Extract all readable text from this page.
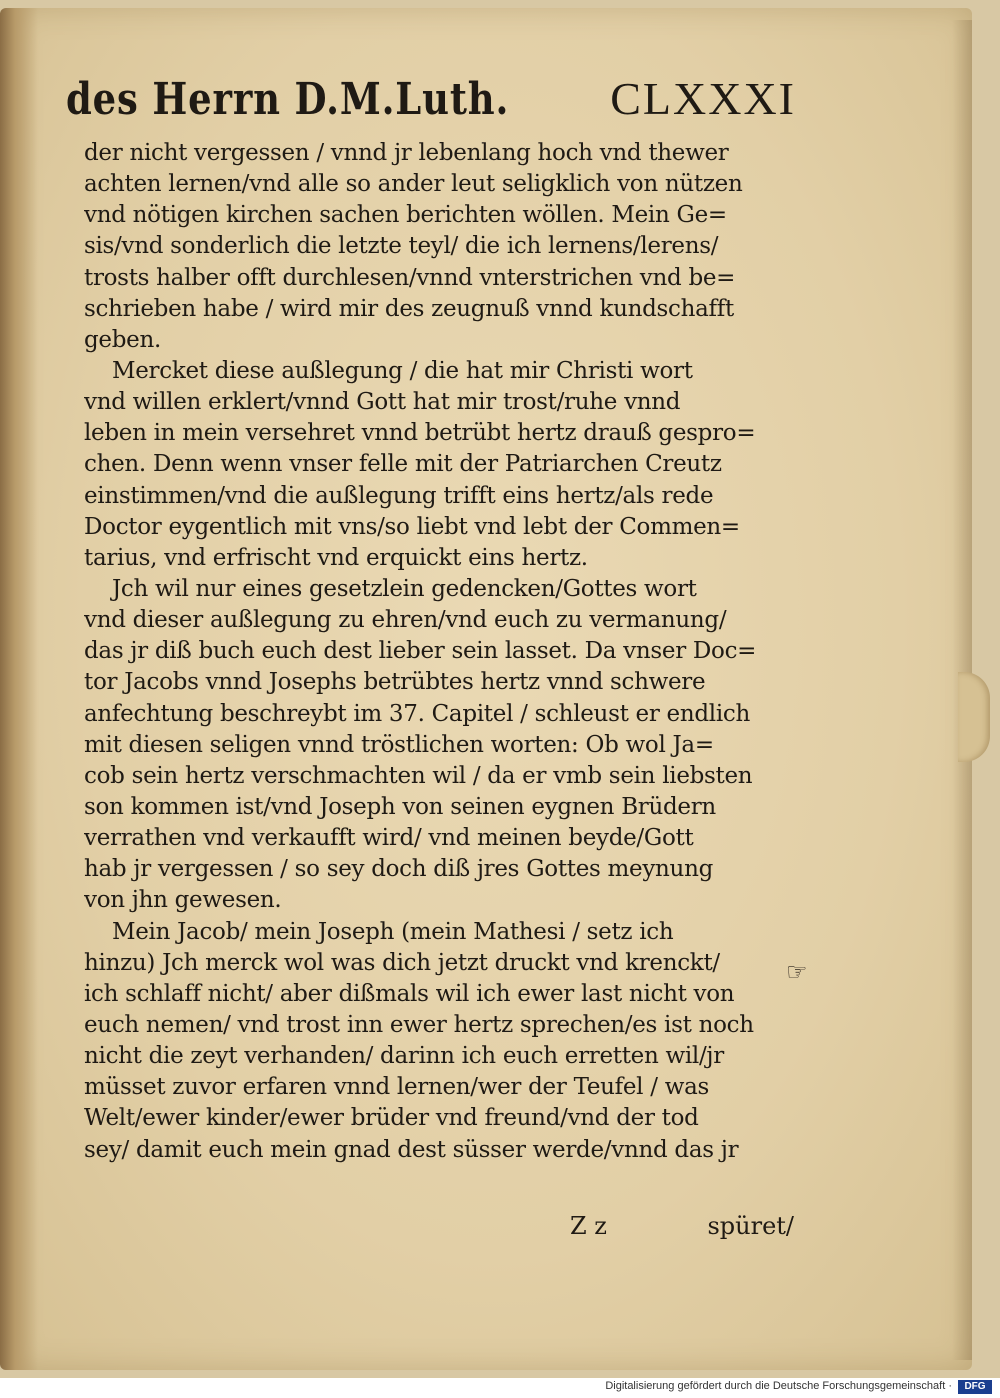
des Herrn D.M.Luth. CLXXXI
der nicht vergessen / vnnd jr lebenlang hoch vnd thewer
achten lernen/vnd alle so ander leut seligklich von nützen
vnd nötigen kirchen sachen berichten wöllen. Mein Ge=
sis/vnd sonderlich die letzte teyl/ die ich lernens/lerens/
trosts halber offt durchlesen/vnnd vnterstrichen vnd be=
schrieben habe / wird mir des zeugnuß vnnd kundschafft
geben.
Mercket diese außlegung / die hat mir Christi wort
vnd willen erklert/vnnd Gott hat mir trost/ruhe vnnd
leben in mein versehret vnnd betrübt hertz drauß gespro=
chen. Denn wenn vnser felle mit der Patriarchen Creutz
einstimmen/vnd die außlegung trifft eins hertz/als rede
Doctor eygentlich mit vns/so liebt vnd lebt der Commen=
tarius, vnd erfrischt vnd erquickt eins hertz.
Jch wil nur eines gesetzlein gedencken/Gottes wort
vnd dieser außlegung zu ehren/vnd euch zu vermanung/
das jr diß buch euch dest lieber sein lasset. Da vnser Doc=
tor Jacobs vnnd Josephs betrübtes hertz vnnd schwere
anfechtung beschreybt im 37. Capitel / schleust er endlich
mit diesen seligen vnnd tröstlichen worten: Ob wol Ja=
cob sein hertz verschmachten wil / da er vmb sein liebsten
son kommen ist/vnd Joseph von seinen eygnen Brüdern
verrathen vnd verkaufft wird/ vnd meinen beyde/Gott
hab jr vergessen / so sey doch diß jres Gottes meynung
von jhn gewesen.
Mein Jacob/ mein Joseph (mein Mathesi / setz ich
hinzu) Jch merck wol was dich jetzt druckt vnd krenckt/
ich schlaff nicht/ aber dißmals wil ich ewer last nicht von
euch nemen/ vnd trost inn ewer hertz sprechen/es ist noch
nicht die zeyt verhanden/ darinn ich euch erretten wil/jr
müsset zuvor erfaren vnnd lernen/wer der Teufel / was
Welt/ewer kinder/ewer brüder vnd freund/vnd der tod
sey/ damit euch mein gnad dest süsser werde/vnnd das jr
☞
Z z	spüret/
Digitalisierung gefördert durch die Deutsche Forschungsgemeinschaft ·	DFG
